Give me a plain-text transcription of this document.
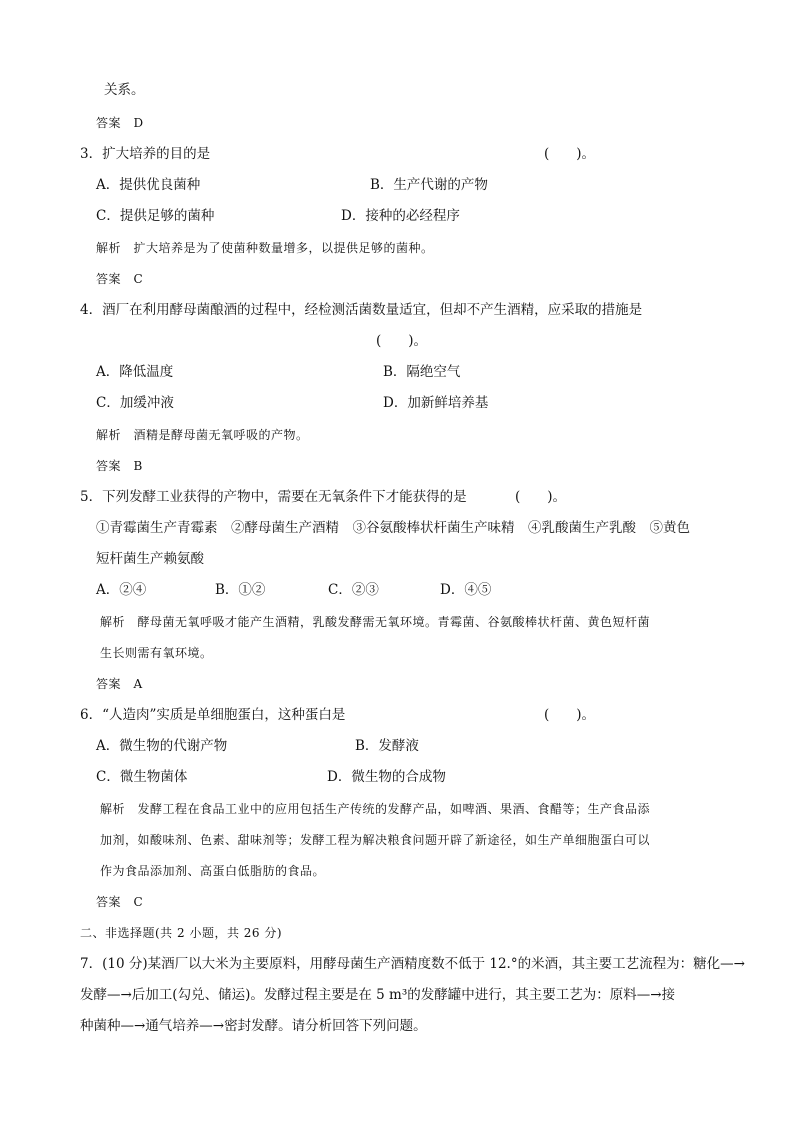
关系。
答案　D
3．扩大培养的目的是	(　　)。
A．提供优良菌种	B．生产代谢的产物
C．提供足够的菌种	D．接种的必经程序
解析　扩大培养是为了使菌种数量增多，以提供足够的菌种。
答案　C
4．酒厂在利用酵母菌酿酒的过程中，经检测活菌数量适宜，但却不产生酒精，应采取的措施是
(　　)。
A．降低温度	B．隔绝空气
C．加缓冲液	D．加新鲜培养基
解析　酒精是酵母菌无氧呼吸的产物。
答案　B
5．下列发酵工业获得的产物中，需要在无氧条件下才能获得的是	(　　)。
①青霉菌生产青霉素　②酵母菌生产酒精　③谷氨酸棒状杆菌生产味精　④乳酸菌生产乳酸　⑤黄色
短杆菌生产赖氨酸
A．②④	B．①②	C．②③	D．④⑤
解析　酵母菌无氧呼吸才能产生酒精，乳酸发酵需无氧环境。青霉菌、谷氨酸棒状杆菌、黄色短杆菌
生长则需有氧环境。
答案　A
6．“人造肉”实质是单细胞蛋白，这种蛋白是	(　　)。
A．微生物的代谢产物	B．发酵液
C．微生物菌体	D．微生物的合成物
解析　发酵工程在食品工业中的应用包括生产传统的发酵产品，如啤酒、果酒、食醋等；生产食品添
加剂，如酸味剂、色素、甜味剂等；发酵工程为解决粮食问题开辟了新途径，如生产单细胞蛋白可以
作为食品添加剂、高蛋白低脂肪的食品。
答案　C
二、非选择题(共 2 小题，共 26 分)
7．(10 分)某酒厂以大米为主要原料，用酵母菌生产酒精度数不低于 12.°的米酒，其主要工艺流程为：糖化—→
发酵—→后加工(勾兑、储运)。发酵过程主要是在 5 m³的发酵罐中进行，其主要工艺为：原料—→接
种菌种—→通气培养—→密封发酵。请分析回答下列问题。
